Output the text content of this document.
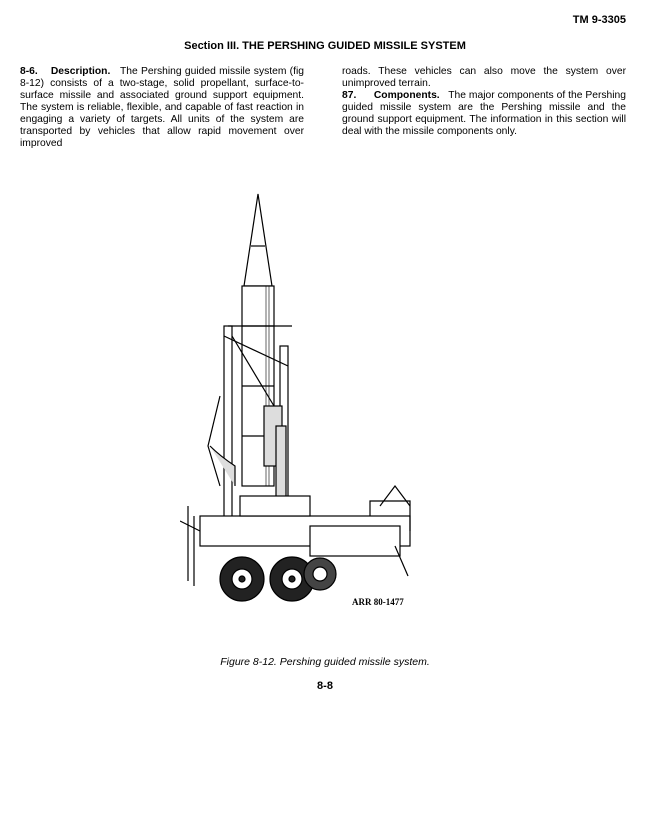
TM 9-3305
Section III. THE PERSHING GUIDED MISSILE SYSTEM

8-6. Description. The Pershing guided missile system (fig 8-12) consists of a two-stage, solid propellant, surface-to-surface missile and associated ground support equipment. The system is reliable, flexible, and capable of fast reaction in engaging a variety of targets. All units of the system are transported by vehicles that allow rapid movement over improved

roads. These vehicles can also move the system over unimproved terrain.

87. Components. The major components of the Pershing guided missile system are the Pershing missile and the ground support equipment. The information in this section will deal with the missile components only.

ARR 80-1477
Figure 8-12. Pershing guided missile system.
8-8
